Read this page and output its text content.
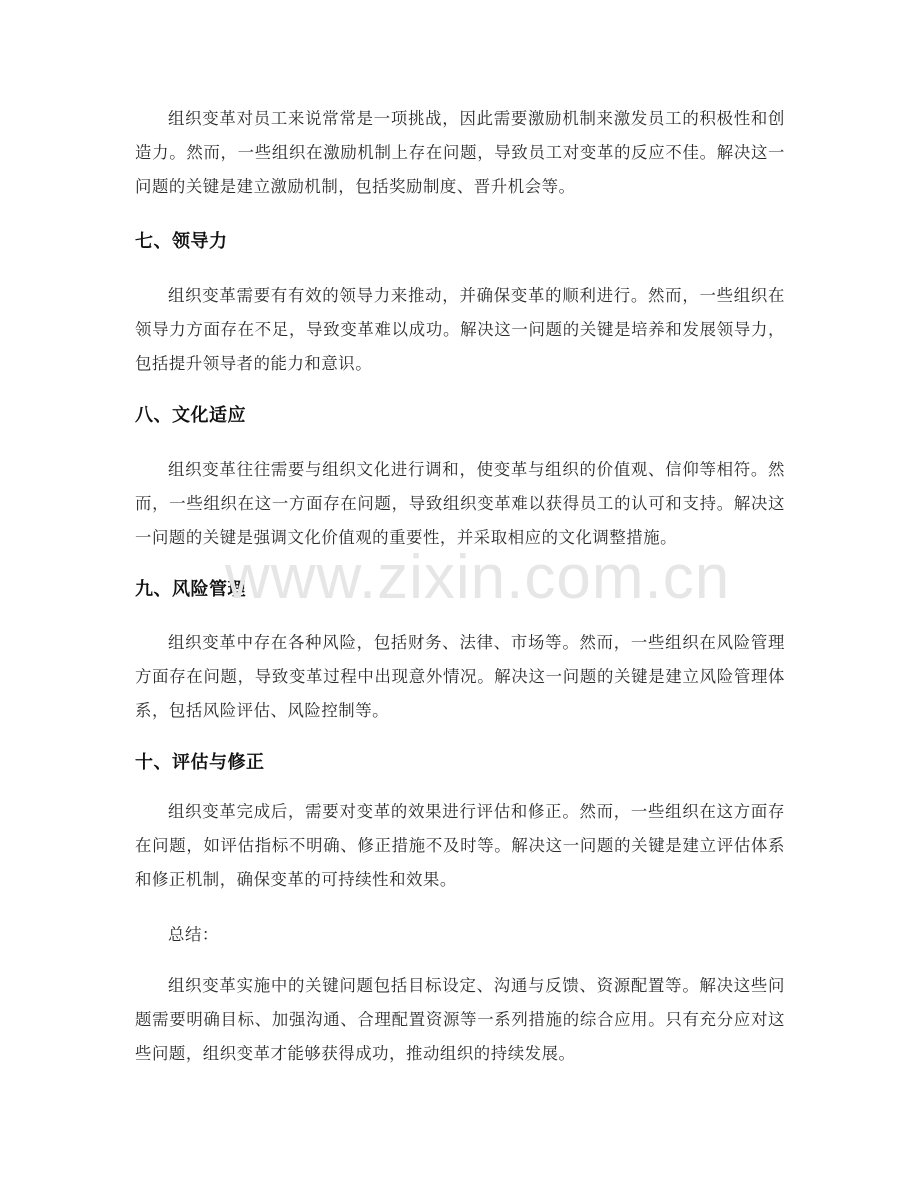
组织变革对员工来说常常是一项挑战，因此需要激励机制来激发员工的积极性和创造力。然而，一些组织在激励机制上存在问题，导致员工对变革的反应不佳。解决这一问题的关键是建立激励机制，包括奖励制度、晋升机会等。

七、领导力

组织变革需要有有效的领导力来推动，并确保变革的顺利进行。然而，一些组织在领导力方面存在不足，导致变革难以成功。解决这一问题的关键是培养和发展领导力，包括提升领导者的能力和意识。

八、文化适应

组织变革往往需要与组织文化进行调和，使变革与组织的价值观、信仰等相符。然而，一些组织在这一方面存在问题，导致组织变革难以获得员工的认可和支持。解决这一问题的关键是强调文化价值观的重要性，并采取相应的文化调整措施。

九、风险管理

组织变革中存在各种风险，包括财务、法律、市场等。然而，一些组织在风险管理方面存在问题，导致变革过程中出现意外情况。解决这一问题的关键是建立风险管理体系，包括风险评估、风险控制等。

十、评估与修正

组织变革完成后，需要对变革的效果进行评估和修正。然而，一些组织在这方面存在问题，如评估指标不明确、修正措施不及时等。解决这一问题的关键是建立评估体系和修正机制，确保变革的可持续性和效果。

总结：

组织变革实施中的关键问题包括目标设定、沟通与反馈、资源配置等。解决这些问题需要明确目标、加强沟通、合理配置资源等一系列措施的综合应用。只有充分应对这些问题，组织变革才能够获得成功，推动组织的持续发展。

www.zixin.com.cn
